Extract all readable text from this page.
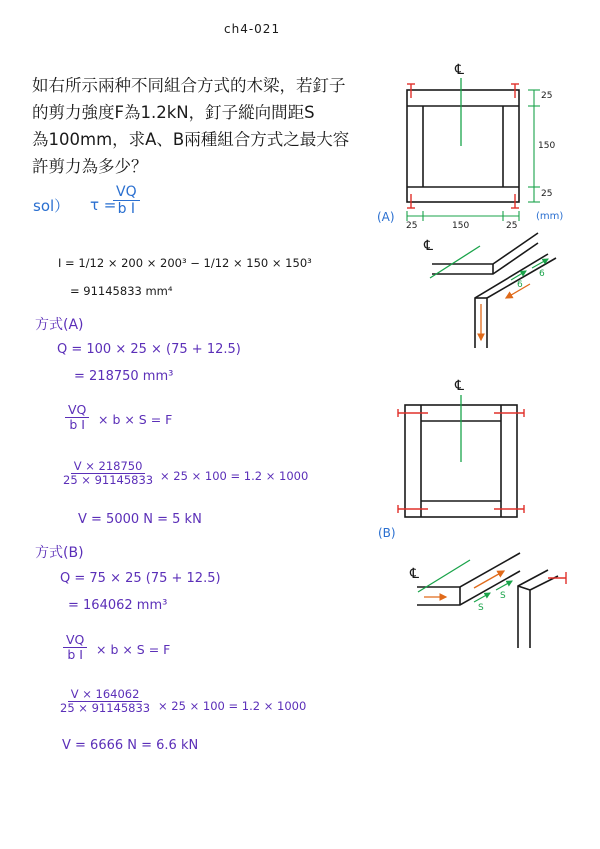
ch4-021
如右所示兩种不同組合方式的木梁，若釘子
的剪力強度F為1.2kN，釘子縱向間距S
為100mm，求A、B兩種組合方式之最大容
許剪力為多少？
sol） τ =
$\frac{VQ}{\text{b I}}$
I = 1/12 × 200 × 200³ − 1/12 × 150 × 150³
= 91145833 mm⁴
方式(A)
Q = 100 × 25 × (75 + 12.5)
= 218750 mm³
$\frac{VQ}{\text{b I}} \times b \times S = F$
$\frac{V \times 218750}{25 \times 91145833} \times 25 \times 100 = 1.2 \times 1000$
V = 5000 N = 5 kN
方式(B)
Q = 75 × 25 (75 + 12.5)
= 164062 mm³
$\frac{VQ}{\text{b I}} \times b \times S = F$
$\frac{V \times 164062}{25 \times 91145833} \times 25 \times 100 = 1.2 \times 1000$
V = 6666 N = 6.6 kN
℄
25
150
25
25	150	25
(A)	(mm)
℄
6
6
℄
(B)
℄
S
S
